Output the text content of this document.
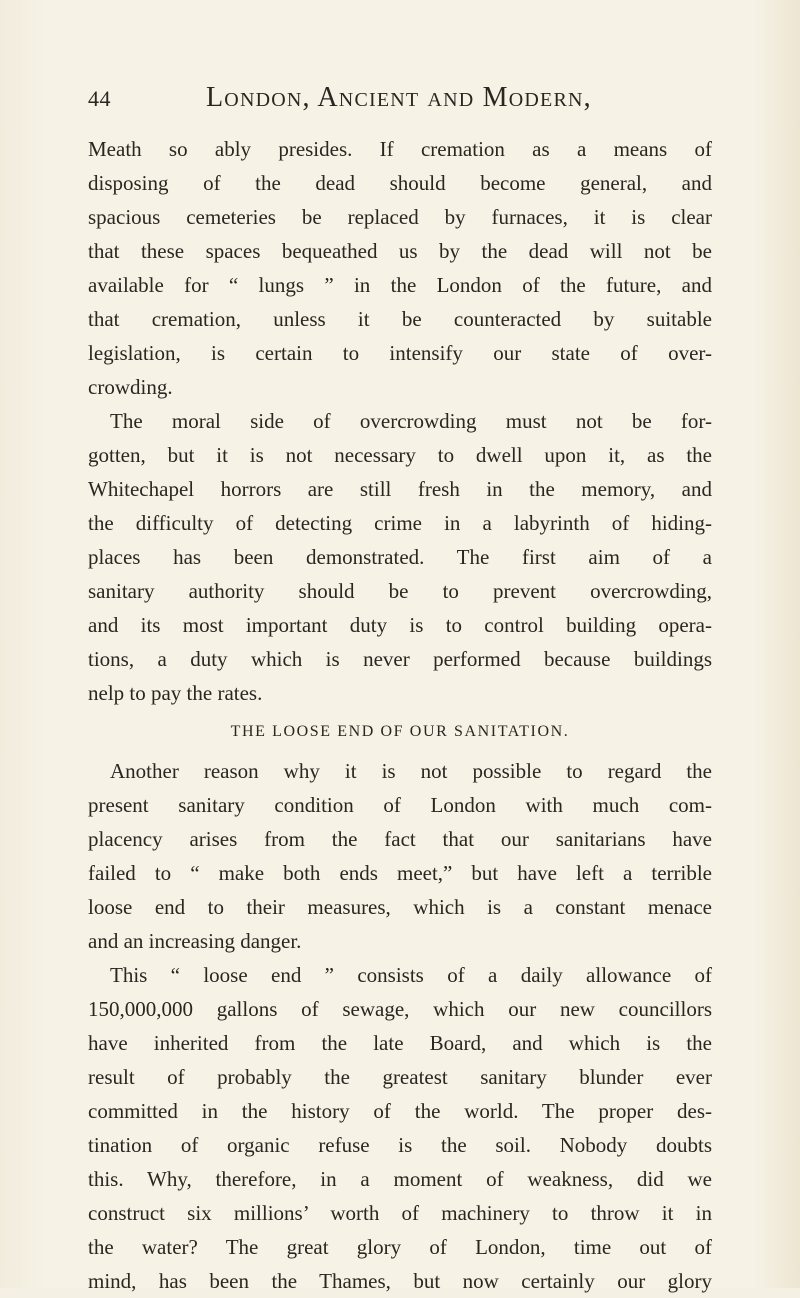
44	London, Ancient and Modern,
Meath so ably presides. If cremation as a means of
disposing of the dead should become general, and
spacious cemeteries be replaced by furnaces, it is clear
that these spaces bequeathed us by the dead will not be
available for “ lungs ” in the London of the future, and
that cremation, unless it be counteracted by suitable
legislation, is certain to intensify our state of over-
crowding.
The moral side of overcrowding must not be for-
gotten, but it is not necessary to dwell upon it, as the
Whitechapel horrors are still fresh in the memory, and
the difficulty of detecting crime in a labyrinth of hiding-
places has been demonstrated. The first aim of a
sanitary authority should be to prevent overcrowding,
and its most important duty is to control building opera-
tions, a duty which is never performed because buildings
nelp to pay the rates.
THE LOOSE END OF OUR SANITATION.
Another reason why it is not possible to regard the
present sanitary condition of London with much com-
placency arises from the fact that our sanitarians have
failed to “ make both ends meet,” but have left a terrible
loose end to their measures, which is a constant menace
and an increasing danger.
This “ loose end ” consists of a daily allowance of
150,000,000 gallons of sewage, which our new councillors
have inherited from the late Board, and which is the
result of probably the greatest sanitary blunder ever
committed in the history of the world. The proper des-
tination of organic refuse is the soil. Nobody doubts
this. Why, therefore, in a moment of weakness, did we
construct six millions’ worth of machinery to throw it in
the water? The great glory of London, time out of
mind, has been the Thames, but now certainly our glory
